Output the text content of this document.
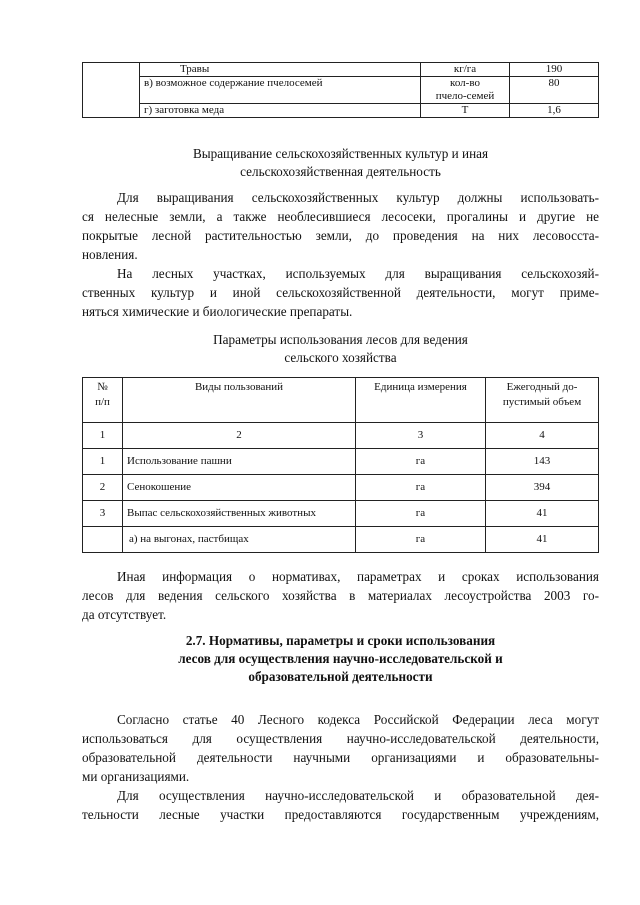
	Травы	кг/га	190
	в) возможное содержание пчелосемей	кол-во
пчело-семей	80
	г) заготовка меда	Т	1,6
Выращивание сельскохозяйственных культур и иная
сельскохозяйственная деятельность
Для выращивания сельскохозяйственных культур должны использовать-
ся нелесные земли, а также необлесившиеся лесосеки, прогалины и другие не
покрытые лесной растительностью земли, до проведения на них лесовосста-
новления.
На лесных участках, используемых для выращивания сельскохозяй-
ственных культур и иной сельскохозяйственной деятельности, могут приме-
няться химические и биологические препараты.
Параметры использования лесов для ведения
сельского хозяйства
№
п/п	Виды пользований	Единица измерения	Ежегодный до-
пустимый объем
1	2	3	4
1	Использование пашни	га	143
2	Сенокошение	га	394
3	Выпас сельскохозяйственных животных	га	41
	а) на выгонах, пастбищах	га	41
Иная информация о нормативах, параметрах и сроках использования
лесов для ведения сельского хозяйства в материалах лесоустройства 2003 го-
да отсутствует.
2.7. Нормативы, параметры и сроки использования
лесов для осуществления научно-исследовательской и
образовательной деятельности
Согласно статье 40 Лесного кодекса Российской Федерации леса могут
использоваться для осуществления научно-исследовательской деятельности,
образовательной деятельности научными организациями и образовательны-
ми организациями.
Для осуществления научно-исследовательской и образовательной дея-
тельности лесные участки предоставляются государственным учреждениям,
